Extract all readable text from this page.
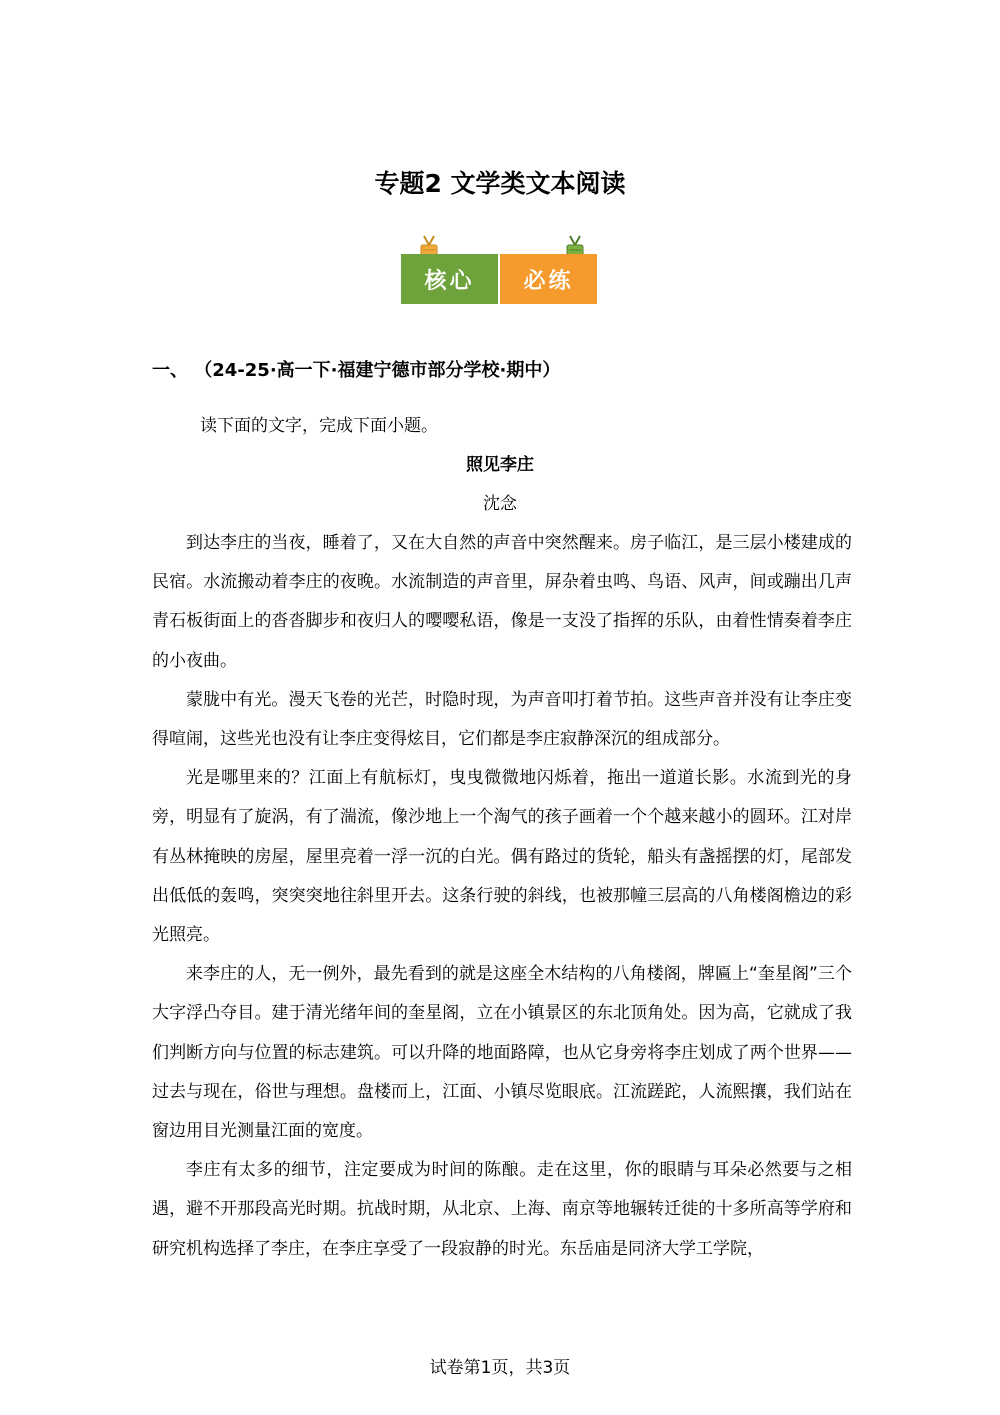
专题2 文学类文本阅读
核心	必练
一、 （24-25·高一下·福建宁德市部分学校·期中）
读下面的文字，完成下面小题。
照见李庄
沈念

到达李庄的当夜，睡着了，又在大自然的声音中突然醒来。房子临江，是三层小楼建成的民宿。水流搬动着李庄的夜晚。水流制造的声音里，屏杂着虫鸣、鸟语、风声，间或蹦出几声青石板街面上的沓沓脚步和夜归人的嘤嘤私语，像是一支没了指挥的乐队，由着性情奏着李庄的小夜曲。

蒙胧中有光。漫天飞卷的光芒，时隐时现，为声音叩打着节拍。这些声音并没有让李庄变得喧闹，这些光也没有让李庄变得炫目，它们都是李庄寂静深沉的组成部分。

光是哪里来的？江面上有航标灯，曳曳微微地闪烁着，拖出一道道长影。水流到光的身旁，明显有了旋涡，有了湍流，像沙地上一个淘气的孩子画着一个个越来越小的圆环。江对岸有丛林掩映的房屋，屋里亮着一浮一沉的白光。偶有路过的货轮，船头有盏摇摆的灯，尾部发出低低的轰鸣，突突突地往斜里开去。这条行驶的斜线，也被那幢三层高的八角楼阁檐边的彩光照亮。

来李庄的人，无一例外，最先看到的就是这座全木结构的八角楼阁，牌匾上“奎星阁”三个大字浮凸夺目。建于清光绪年间的奎星阁，立在小镇景区的东北顶角处。因为高，它就成了我们判断方向与位置的标志建筑。可以升降的地面路障，也从它身旁将李庄划成了两个世界——过去与现在，俗世与理想。盘楼而上，江面、小镇尽览眼底。江流蹉跎，人流熙攘，我们站在窗边用目光测量江面的宽度。

李庄有太多的细节，注定要成为时间的陈酿。走在这里，你的眼睛与耳朵必然要与之相遇，避不开那段高光时期。抗战时期，从北京、上海、南京等地辗转迁徙的十多所高等学府和研究机构选择了李庄，在李庄享受了一段寂静的时光。东岳庙是同济大学工学院，

试卷第1页，共3页
